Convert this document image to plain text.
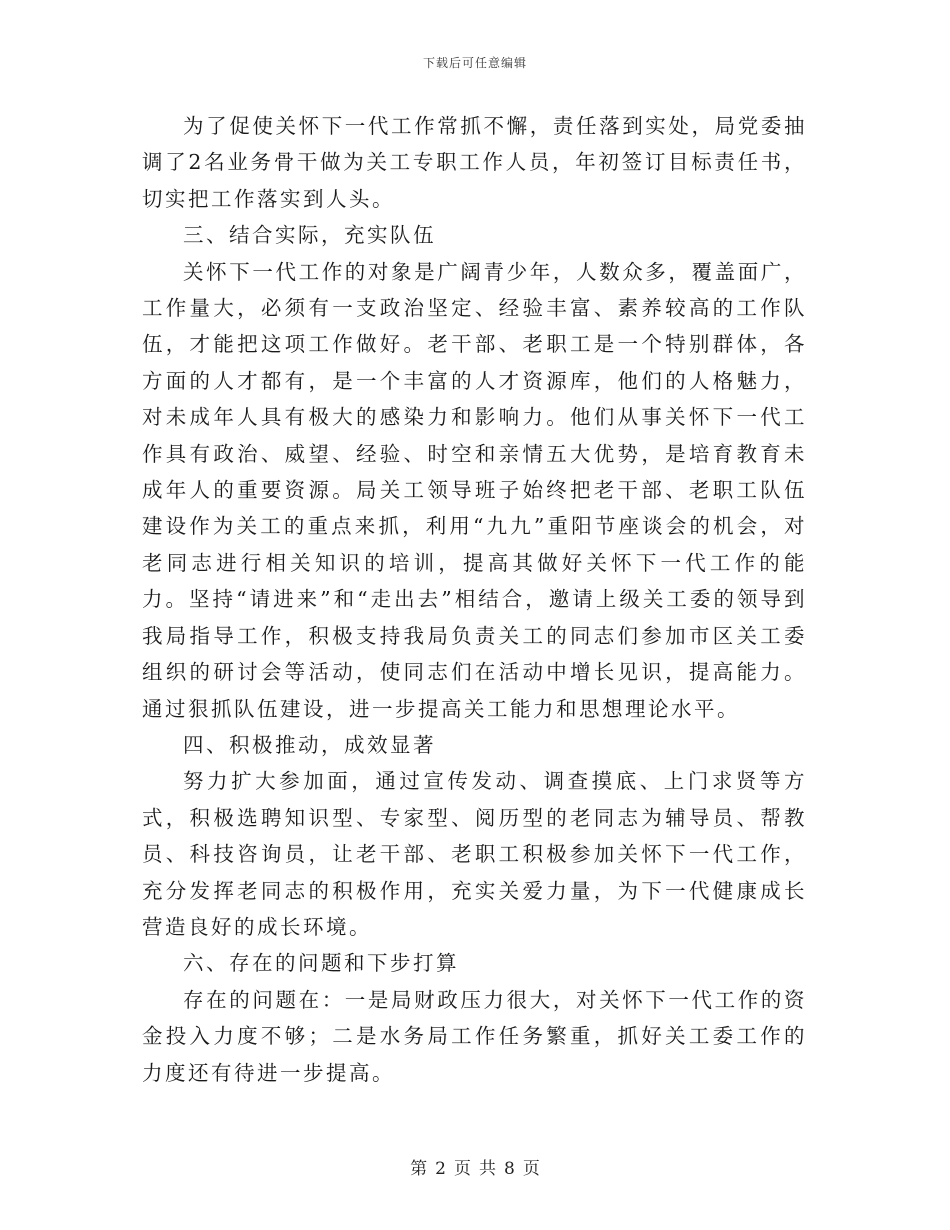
下载后可任意编辑

为了促使关怀下一代工作常抓不懈，责任落到实处，局党委抽调了2名业务骨干做为关工专职工作人员，年初签订目标责任书，切实把工作落实到人头。

三、结合实际，充实队伍

关怀下一代工作的对象是广阔青少年，人数众多，覆盖面广，工作量大，必须有一支政治坚定、经验丰富、素养较高的工作队伍，才能把这项工作做好。老干部、老职工是一个特别群体，各方面的人才都有，是一个丰富的人才资源库，他们的人格魅力，对未成年人具有极大的感染力和影响力。他们从事关怀下一代工作具有政治、威望、经验、时空和亲情五大优势，是培育教育未成年人的重要资源。局关工领导班子始终把老干部、老职工队伍建设作为关工的重点来抓，利用“九九”重阳节座谈会的机会，对老同志进行相关知识的培训，提高其做好关怀下一代工作的能力。坚持“请进来”和“走出去”相结合，邀请上级关工委的领导到我局指导工作，积极支持我局负责关工的同志们参加市区关工委组织的研讨会等活动，使同志们在活动中增长见识，提高能力。通过狠抓队伍建设，进一步提高关工能力和思想理论水平。

四、积极推动，成效显著

努力扩大参加面，通过宣传发动、调查摸底、上门求贤等方式，积极选聘知识型、专家型、阅历型的老同志为辅导员、帮教员、科技咨询员，让老干部、老职工积极参加关怀下一代工作，充分发挥老同志的积极作用，充实关爱力量，为下一代健康成长营造良好的成长环境。

六、存在的问题和下步打算

存在的问题在：一是局财政压力很大，对关怀下一代工作的资金投入力度不够；二是水务局工作任务繁重，抓好关工委工作的力度还有待进一步提高。

第 2 页 共 8 页
